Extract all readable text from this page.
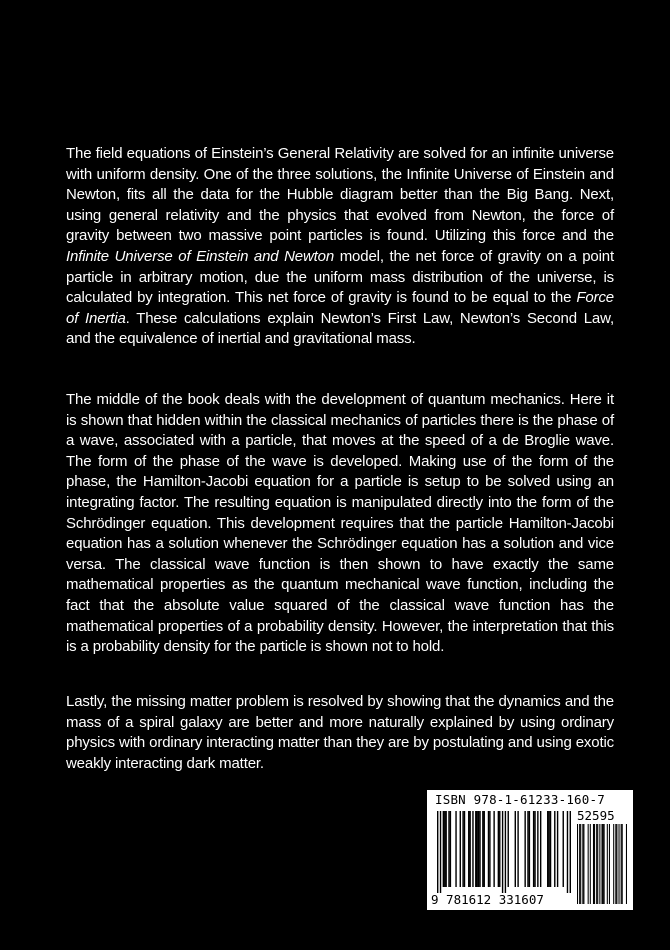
The field equations of Einstein’s General Relativity are solved for an infinite universe with uniform density. One of the three solutions, the Infinite Universe of Einstein and Newton, fits all the data for the Hubble diagram better than the Big Bang. Next, using general relativity and the physics that evolved from Newton, the force of gravity between two massive point particles is found. Utilizing this force and the Infinite Universe of Einstein and Newton model, the net force of gravity on a point particle in arbitrary motion, due the uniform mass distribution of the universe, is calculated by integration. This net force of gravity is found to be equal to the Force of Inertia. These calculations explain Newton’s First Law, Newton’s Second Law, and the equivalence of inertial and gravitational mass.

The middle of the book deals with the development of quantum mechanics. Here it is shown that hidden within the classical mechanics of particles there is the phase of a wave, associated with a particle, that moves at the speed of a de Broglie wave. The form of the phase of the wave is developed. Making use of the form of the phase, the Hamilton-Jacobi equation for a particle is setup to be solved using an integrating factor. The resulting equation is manipulated directly into the form of the Schrödinger equation. This development requires that the particle Hamilton-Jacobi equation has a solution whenever the Schrödinger equation has a solution and vice versa. The classical wave function is then shown to have exactly the same mathematical properties as the quantum mechanical wave function, including the fact that the absolute value squared of the classical wave function has the mathematical properties of a probability density. However, the interpretation that this is a probability density for the particle is shown not to hold.

Lastly, the missing matter problem is resolved by showing that the dynamics and the mass of a spiral galaxy are better and more naturally explained by using ordinary physics with ordinary interacting matter than they are by postulating and using exotic weakly interacting dark matter.

ISBN 978-1-61233-160-7
52595
9 781612 331607
